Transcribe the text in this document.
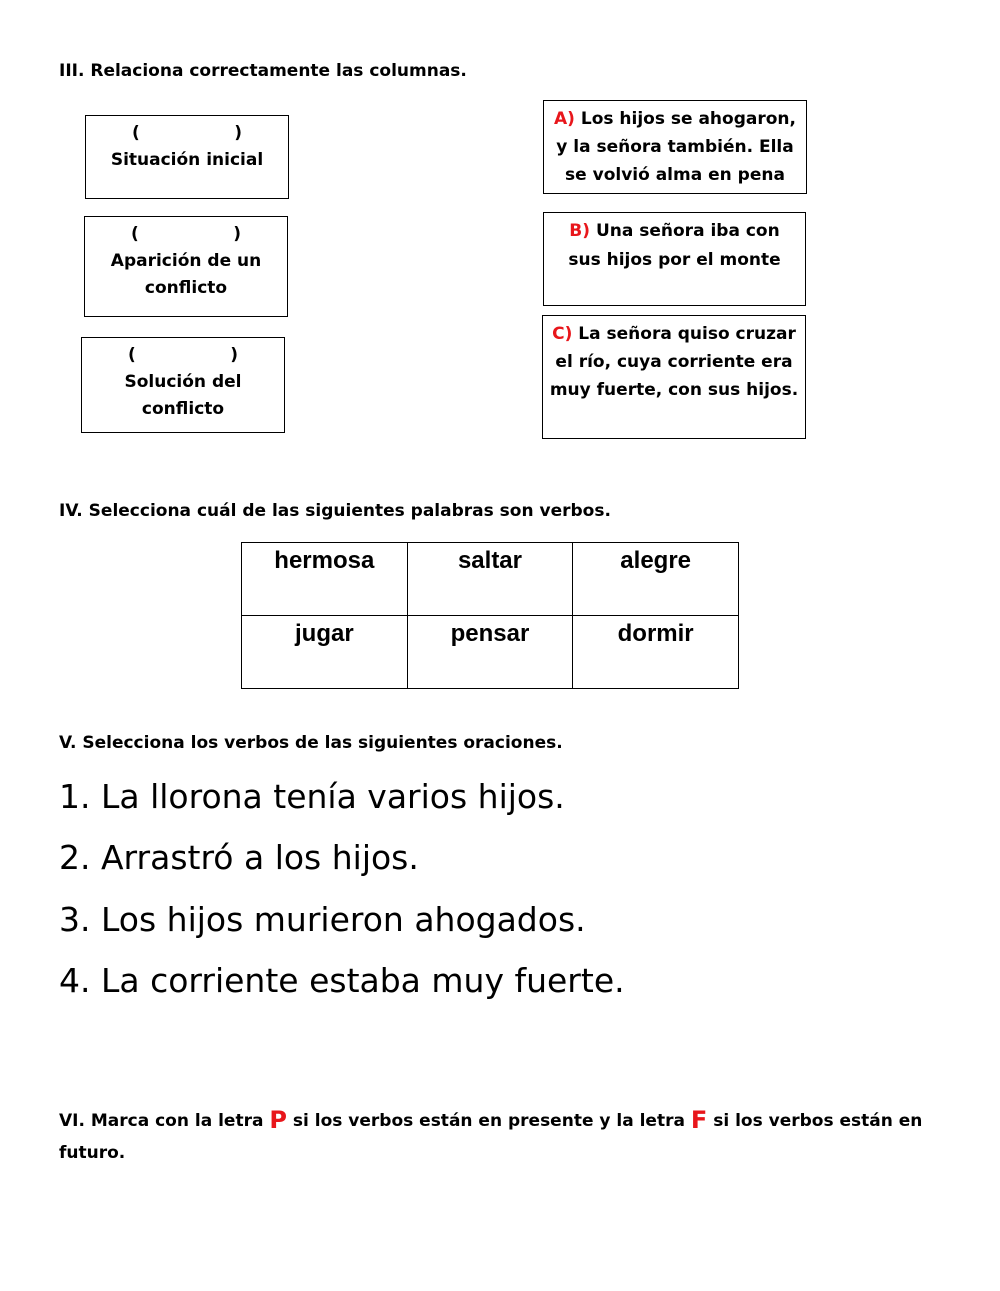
III. Relaciona correctamente las columnas.
(	)
Situación inicial
(	)
Aparición de un conflicto
(	)
Solución del conflicto
A) Los hijos se ahogaron, y la señora también. Ella se volvió alma en pena
B) Una señora iba con sus hijos por el monte
C) La señora quiso cruzar el río, cuya corriente era muy fuerte, con sus hijos.
IV. Selecciona cuál de las siguientes palabras son verbos.
hermosa	saltar	alegre
jugar	pensar	dormir
V. Selecciona los verbos de las siguientes oraciones.
1. La llorona tenía varios hijos.
2. Arrastró a los hijos.
3. Los hijos murieron ahogados.
4. La corriente estaba muy fuerte.
VI. Marca con la letra P si los verbos están en presente y la letra F si los verbos están en futuro.
